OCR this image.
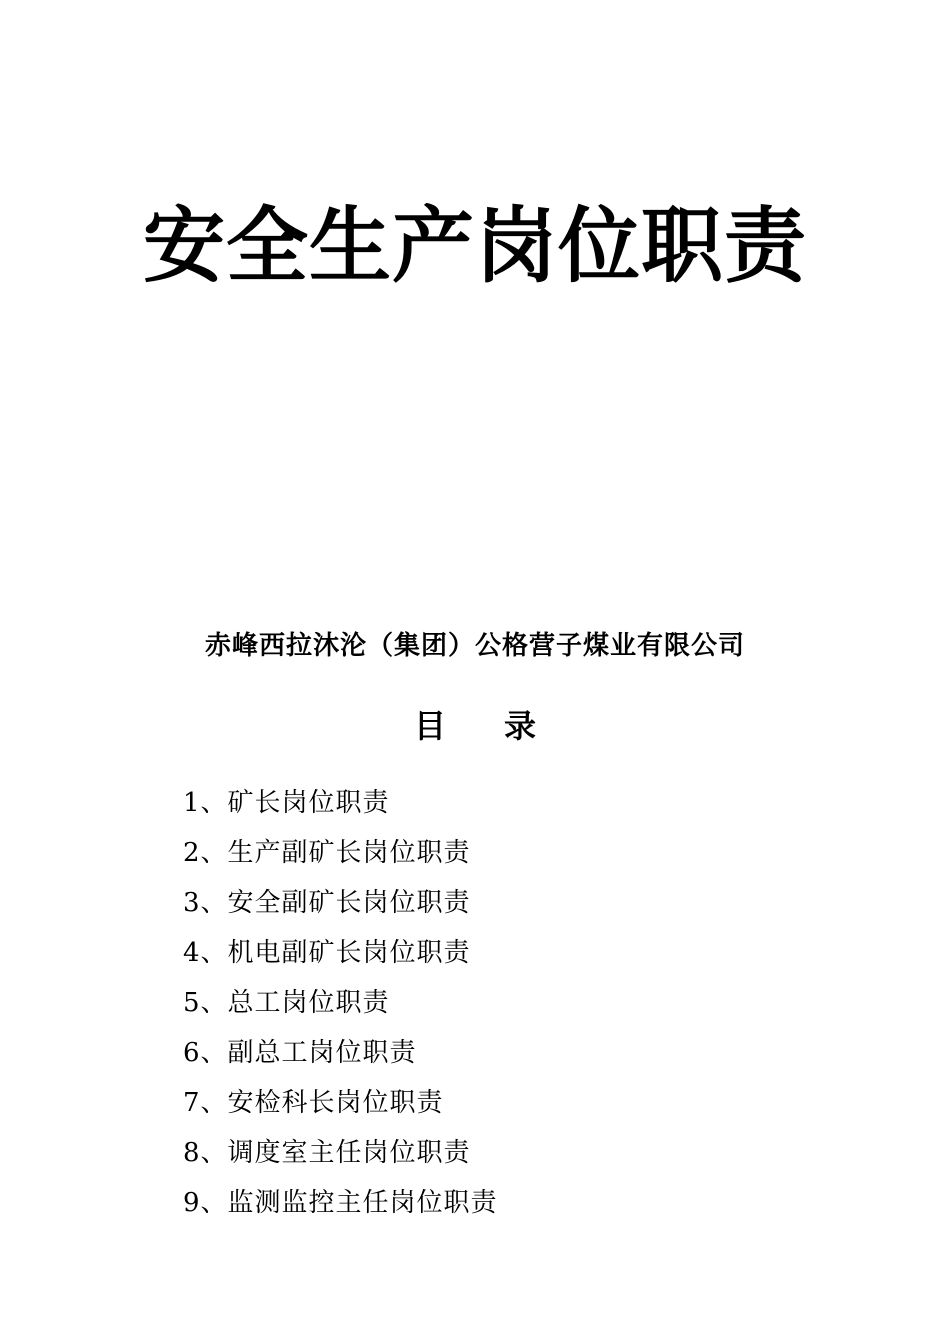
安全生产岗位职责

赤峰西拉沐沦（集团）公格营子煤业有限公司

目 录
1、矿长岗位职责
2、生产副矿长岗位职责
3、安全副矿长岗位职责
4、机电副矿长岗位职责
5、总工岗位职责
6、副总工岗位职责
7、安检科长岗位职责
8、调度室主任岗位职责
9、监测监控主任岗位职责
